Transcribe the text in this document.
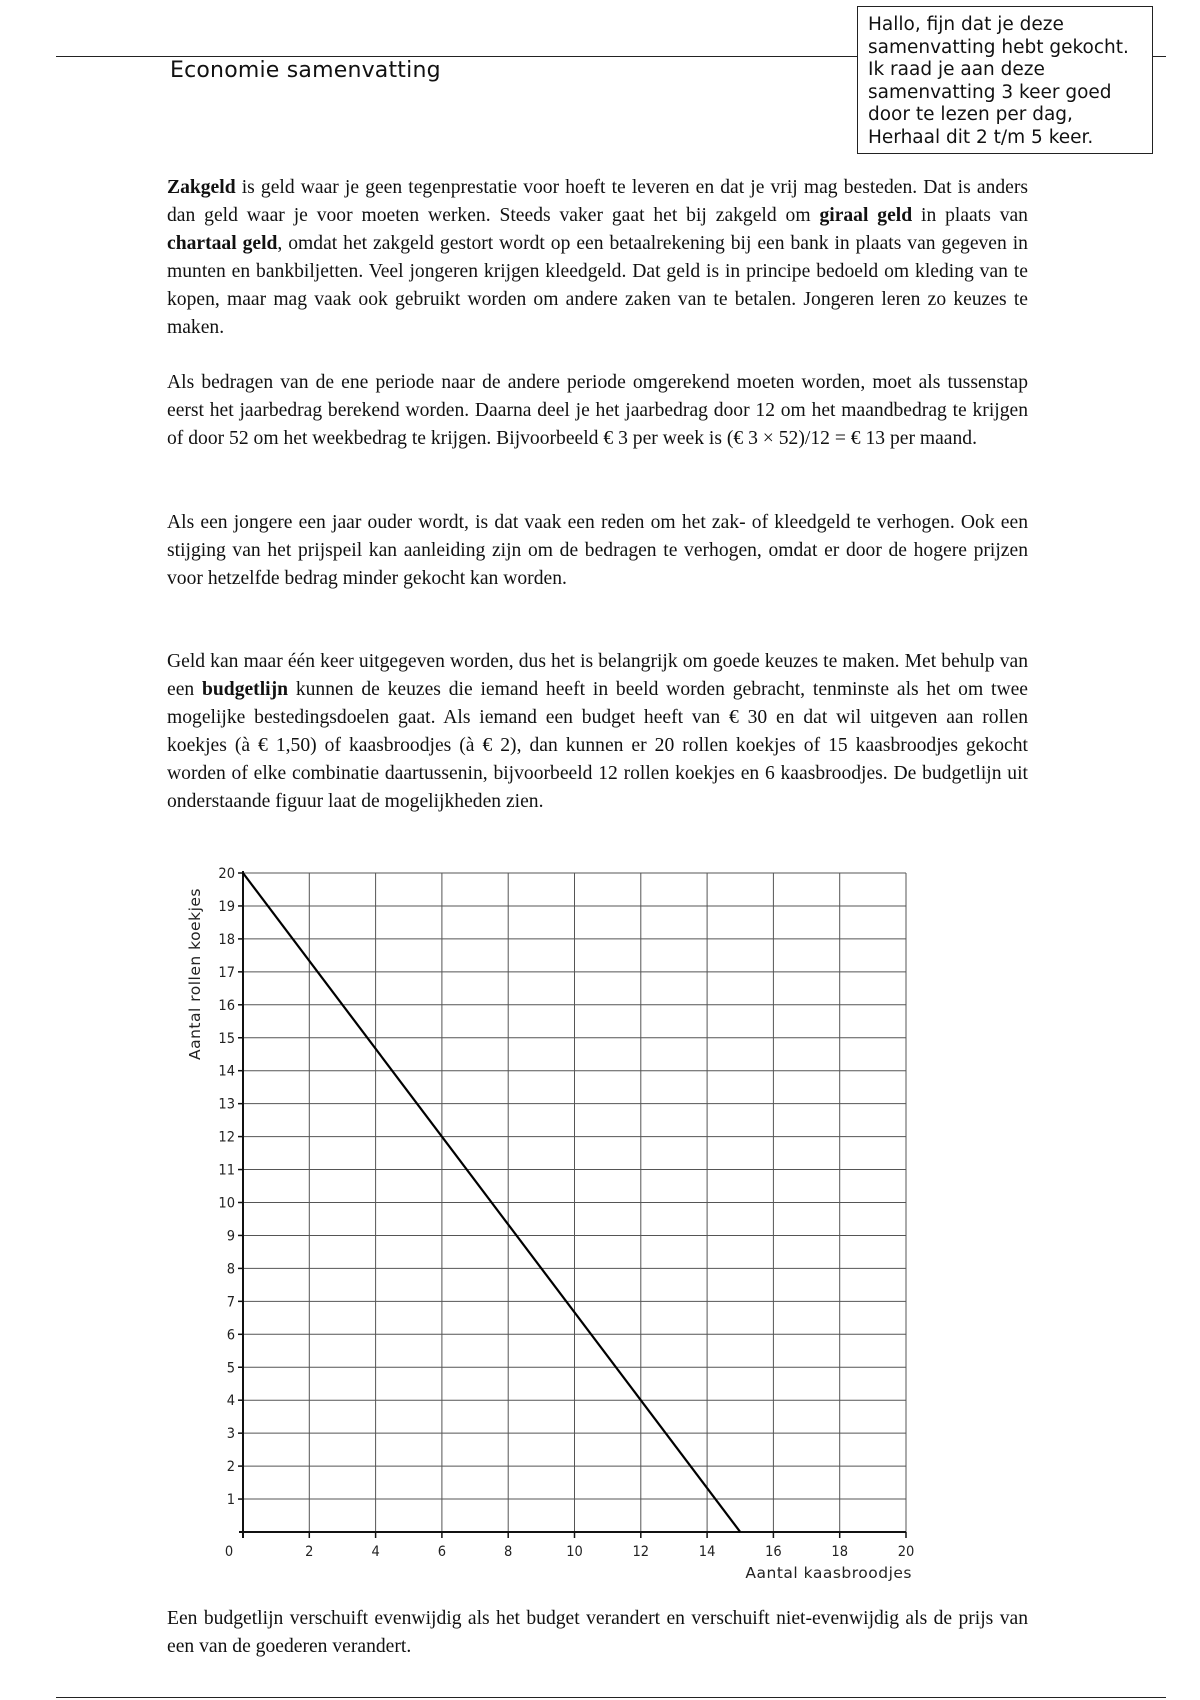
Economie samenvatting
Hallo, fijn dat je deze samenvatting hebt gekocht. Ik raad je aan deze samenvatting 3 keer goed door te lezen per dag, Herhaal dit 2 t/m 5 keer.
Zakgeld is geld waar je geen tegenprestatie voor hoeft te leveren en dat je vrij mag besteden. Dat is anders dan geld waar je voor moeten werken. Steeds vaker gaat het bij zakgeld om giraal geld in plaats van chartaal geld, omdat het zakgeld gestort wordt op een betaalrekening bij een bank in plaats van gegeven in munten en bankbiljetten. Veel jongeren krijgen kleedgeld. Dat geld is in principe bedoeld om kleding van te kopen, maar mag vaak ook gebruikt worden om andere zaken van te betalen. Jongeren leren zo keuzes te maken.
Als bedragen van de ene periode naar de andere periode omgerekend moeten worden, moet als tussenstap eerst het jaarbedrag berekend worden. Daarna deel je het jaarbedrag door 12 om het maandbedrag te krijgen of door 52 om het weekbedrag te krijgen. Bijvoorbeeld € 3 per week is (€ 3 × 52)/12 = € 13 per maand.
Als een jongere een jaar ouder wordt, is dat vaak een reden om het zak- of kleedgeld te verhogen. Ook een stijging van het prijspeil kan aanleiding zijn om de bedragen te verhogen, omdat er door de hogere prijzen voor hetzelfde bedrag minder gekocht kan worden.
Geld kan maar één keer uitgegeven worden, dus het is belangrijk om goede keuzes te maken. Met behulp van een budgetlijn kunnen de keuzes die iemand heeft in beeld worden gebracht, tenminste als het om twee mogelijke bestedingsdoelen gaat. Als iemand een budget heeft van € 30 en dat wil uitgeven aan rollen koekjes (à € 1,50) of kaasbroodjes (à € 2), dan kunnen er 20 rollen koekjes of 15 kaasbroodjes gekocht worden of elke combinatie daartussenin, bijvoorbeeld 12 rollen koekjes en 6 kaasbroodjes. De budgetlijn uit onderstaande figuur laat de mogelijkheden zien.
1
2
3
4
5
6
7
8
9
10
11
12
13
14
15
16
17
18
19
20
2	4	6	8	10	12	14	16	18	20
0
Aantal kaasbroodjes
Aantal rollen koekjes
Een budgetlijn verschuift evenwijdig als het budget verandert en verschuift niet-evenwijdig als de prijs van een van de goederen verandert.
